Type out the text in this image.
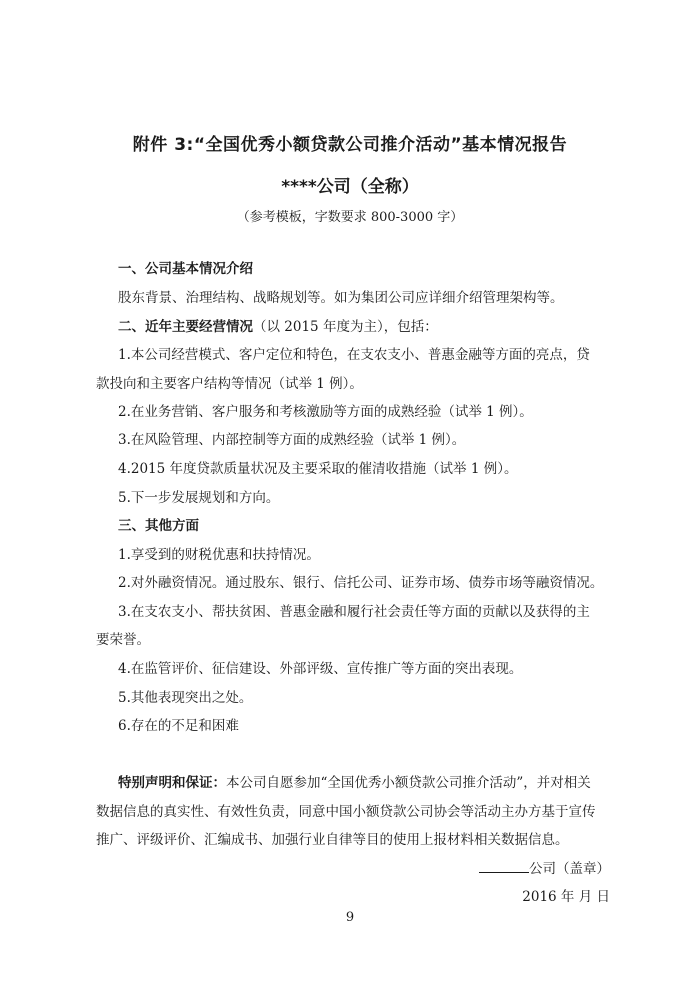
附件 3:“全国优秀小额贷款公司推介活动”基本情况报告
****公司（全称）
（参考模板，字数要求 800-3000 字）
一、公司基本情况介绍
股东背景、治理结构、战略规划等。如为集团公司应详细介绍管理架构等。
二、近年主要经营情况（以 2015 年度为主），包括：
1.本公司经营模式、客户定位和特色，在支农支小、普惠金融等方面的亮点，贷
款投向和主要客户结构等情况（试举 1 例）。
2.在业务营销、客户服务和考核激励等方面的成熟经验（试举 1 例）。
3.在风险管理、内部控制等方面的成熟经验（试举 1 例）。
4.2015 年度贷款质量状况及主要采取的催清收措施（试举 1 例）。
5.下一步发展规划和方向。
三、其他方面
1.享受到的财税优惠和扶持情况。
2.对外融资情况。通过股东、银行、信托公司、证券市场、债券市场等融资情况。
3.在支农支小、帮扶贫困、普惠金融和履行社会责任等方面的贡献以及获得的主
要荣誉。
4.在监管评价、征信建设、外部评级、宣传推广等方面的突出表现。
5.其他表现突出之处。
6.存在的不足和困难
特别声明和保证：本公司自愿参加“全国优秀小额贷款公司推介活动”，并对相关
数据信息的真实性、有效性负责，同意中国小额贷款公司协会等活动主办方基于宣传
推广、评级评价、汇编成书、加强行业自律等目的使用上报材料相关数据信息。
公司（盖章）
2016 年 月 日
9
